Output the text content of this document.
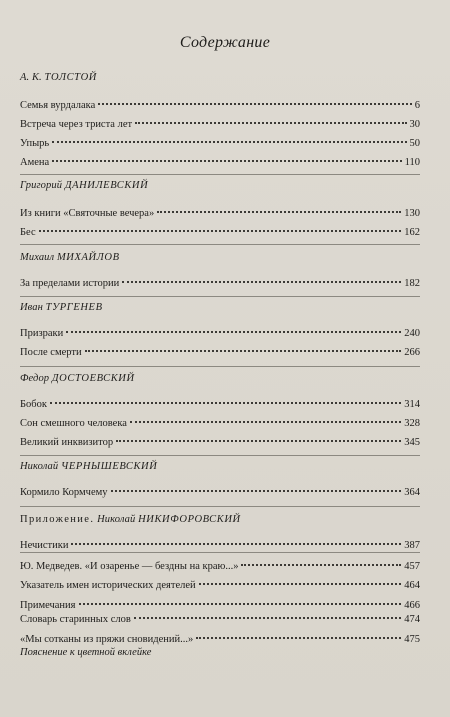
Содержание
А. К. ТОЛСТОЙ
Семья вурдалака	6
Встреча через триста лет	30
Упырь	50
Амена	110
Григорий ДАНИЛЕВСКИЙ
Из книги «Святочные вечера»	130
Бес	162
Михаил МИХАЙЛОВ
За пределами истории	182
Иван ТУРГЕНЕВ
Призраки	240
После смерти	266
Федор ДОСТОЕВСКИЙ
Бобок	314
Сон смешного человека	328
Великий инквизитор	345
Николай ЧЕРНЫШЕВСКИЙ
Кормило Кормчему	364
Приложение. Николай НИКИФОРОВСКИЙ
Нечистики	387
Ю. Медведев. «И озаренье — бездны на краю...»	457
Указатель имен исторических деятелей	464
Примечания	466
Словарь старинных слов	474
«Мы сотканы из пряжи сновидений...»	475
Пояснение к цветной вклейке
